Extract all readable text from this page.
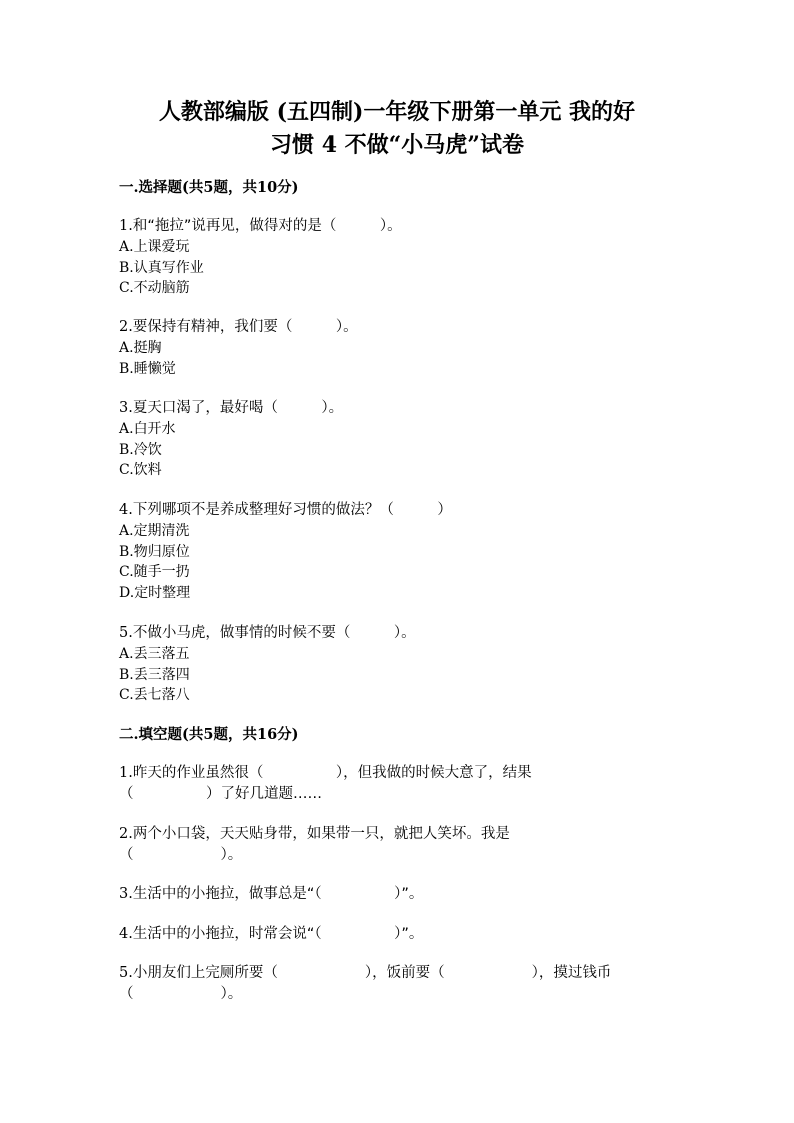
人教部编版 (五四制)一年级下册第一单元 我的好
习惯 4 不做“小马虎”试卷
一.选择题(共5题，共10分)
1.和“拖拉”说再见，做得对的是（　　　）。
A.上课爱玩
B.认真写作业
C.不动脑筋
2.要保持有精神，我们要（　　　）。
A.挺胸
B.睡懒觉
3.夏天口渴了，最好喝（　　　）。
A.白开水
B.冷饮
C.饮料
4.下列哪项不是养成整理好习惯的做法？（　　　）
A.定期清洗
B.物归原位
C.随手一扔
D.定时整理
5.不做小马虎，做事情的时候不要（　　　）。
A.丢三落五
B.丢三落四
C.丢七落八
二.填空题(共5题，共16分)
1.昨天的作业虽然很（　　　　　），但我做的时候大意了，结果
（　　　　　）了好几道题……
2.两个小口袋，天天贴身带，如果带一只，就把人笑坏。我是
（　　　　　　）。
3.生活中的小拖拉，做事总是“（　　　　　）”。
4.生活中的小拖拉，时常会说“（　　　　　）”。
5.小朋友们上完厕所要（　　　　　　），饭前要（　　　　　　），摸过钱币
（　　　　　　）。
